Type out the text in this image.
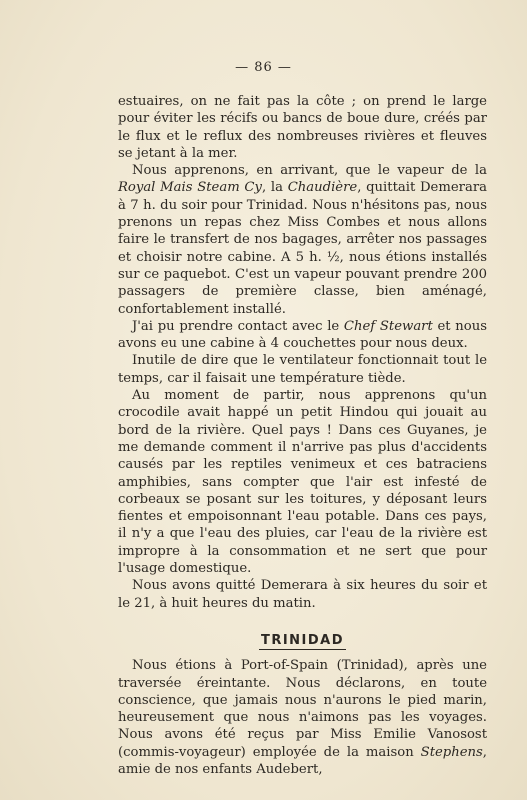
— 86 —

estuaires, on ne fait pas la côte ; on prend le large pour éviter les récifs ou bancs de boue dure, créés par le flux et le reflux des nombreuses rivières et fleuves se jetant à la mer.

Nous apprenons, en arrivant, que le vapeur de la Royal Mais Steam Cy, la Chaudière, quittait Demerara à 7 h. du soir pour Trinidad. Nous n'hésitons pas, nous prenons un repas chez Miss Combes et nous allons faire le transfert de nos bagages, arrêter nos passages et choisir notre cabine. A 5 h. ½, nous étions installés sur ce paquebot. C'est un vapeur pouvant prendre 200 passagers de première classe, bien aménagé, confortablement installé.

J'ai pu prendre contact avec le Chef Stewart et nous avons eu une cabine à 4 couchettes pour nous deux.

Inutile de dire que le ventilateur fonctionnait tout le temps, car il faisait une température tiède.

Au moment de partir, nous apprenons qu'un crocodile avait happé un petit Hindou qui jouait au bord de la rivière. Quel pays ! Dans ces Guyanes, je me demande comment il n'arrive pas plus d'accidents causés par les reptiles venimeux et ces batraciens amphibies, sans compter que l'air est infesté de corbeaux se posant sur les toitures, y déposant leurs fientes et empoisonnant l'eau potable. Dans ces pays, il n'y a que l'eau des pluies, car l'eau de la rivière est impropre à la consommation et ne sert que pour l'usage domestique.

Nous avons quitté Demerara à six heures du soir et le 21, à huit heures du matin.

TRINIDAD

Nous étions à Port-of-Spain (Trinidad), après une traversée éreintante. Nous déclarons, en toute conscience, que jamais nous n'aurons le pied marin, heureusement que nous n'aimons pas les voyages. Nous avons été reçus par Miss Emilie Vanosost (commis-voyageur) employée de la maison Stephens, amie de nos enfants Audebert,
